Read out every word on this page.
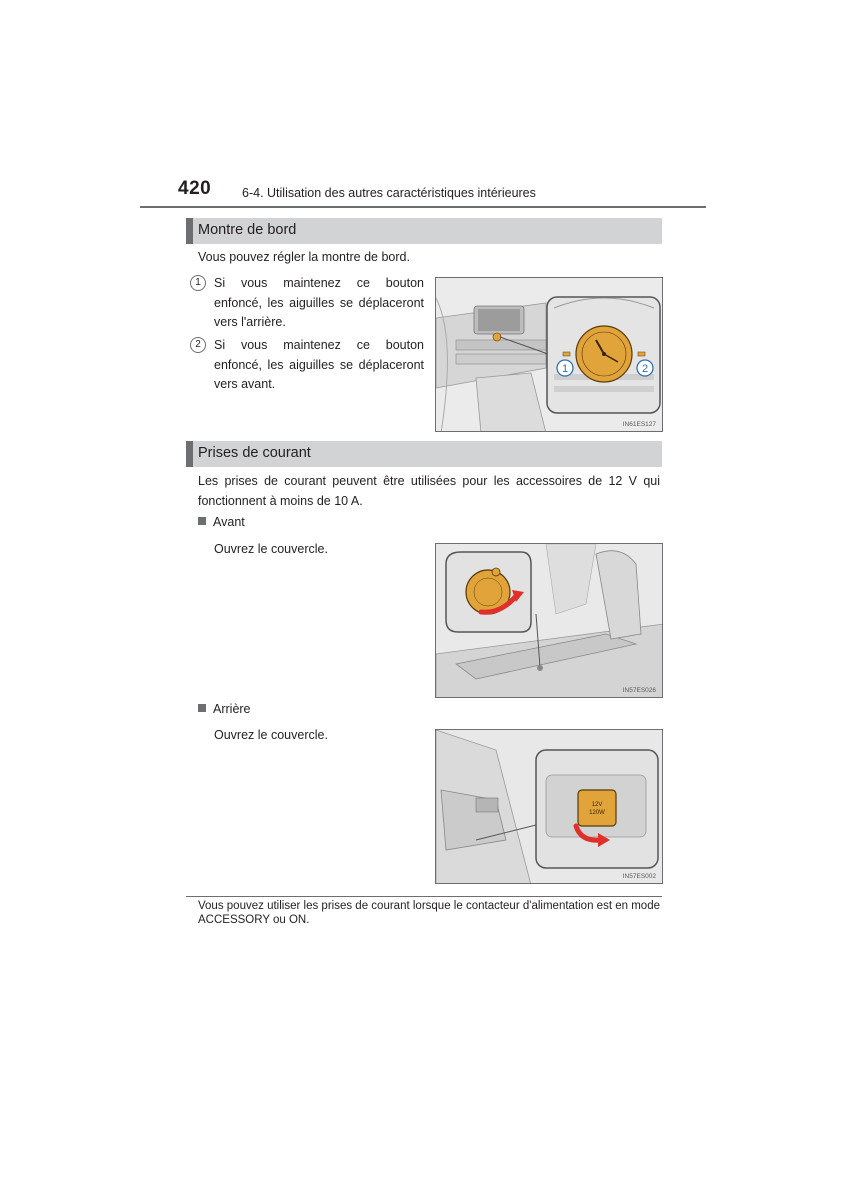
420 6-4. Utilisation des autres caractéristiques intérieures
Montre de bord
Vous pouvez régler la montre de bord.
1	Si vous maintenez ce bouton enfoncé, les aiguilles se déplaceront vers l'arrière.
2	Si vous maintenez ce bouton enfoncé, les aiguilles se déplaceront vers avant.
1	2
IN61ES127
Prises de courant
Les prises de courant peuvent être utilisées pour les accessoires de 12 V qui fonctionnent à moins de 10 A.
Avant
Ouvrez le couvercle.
IN57ES026
Arrière
Ouvrez le couvercle.
12V
120W
IN57ES002
Vous pouvez utiliser les prises de courant lorsque le contacteur d'alimentation est en mode ACCESSORY ou ON.
